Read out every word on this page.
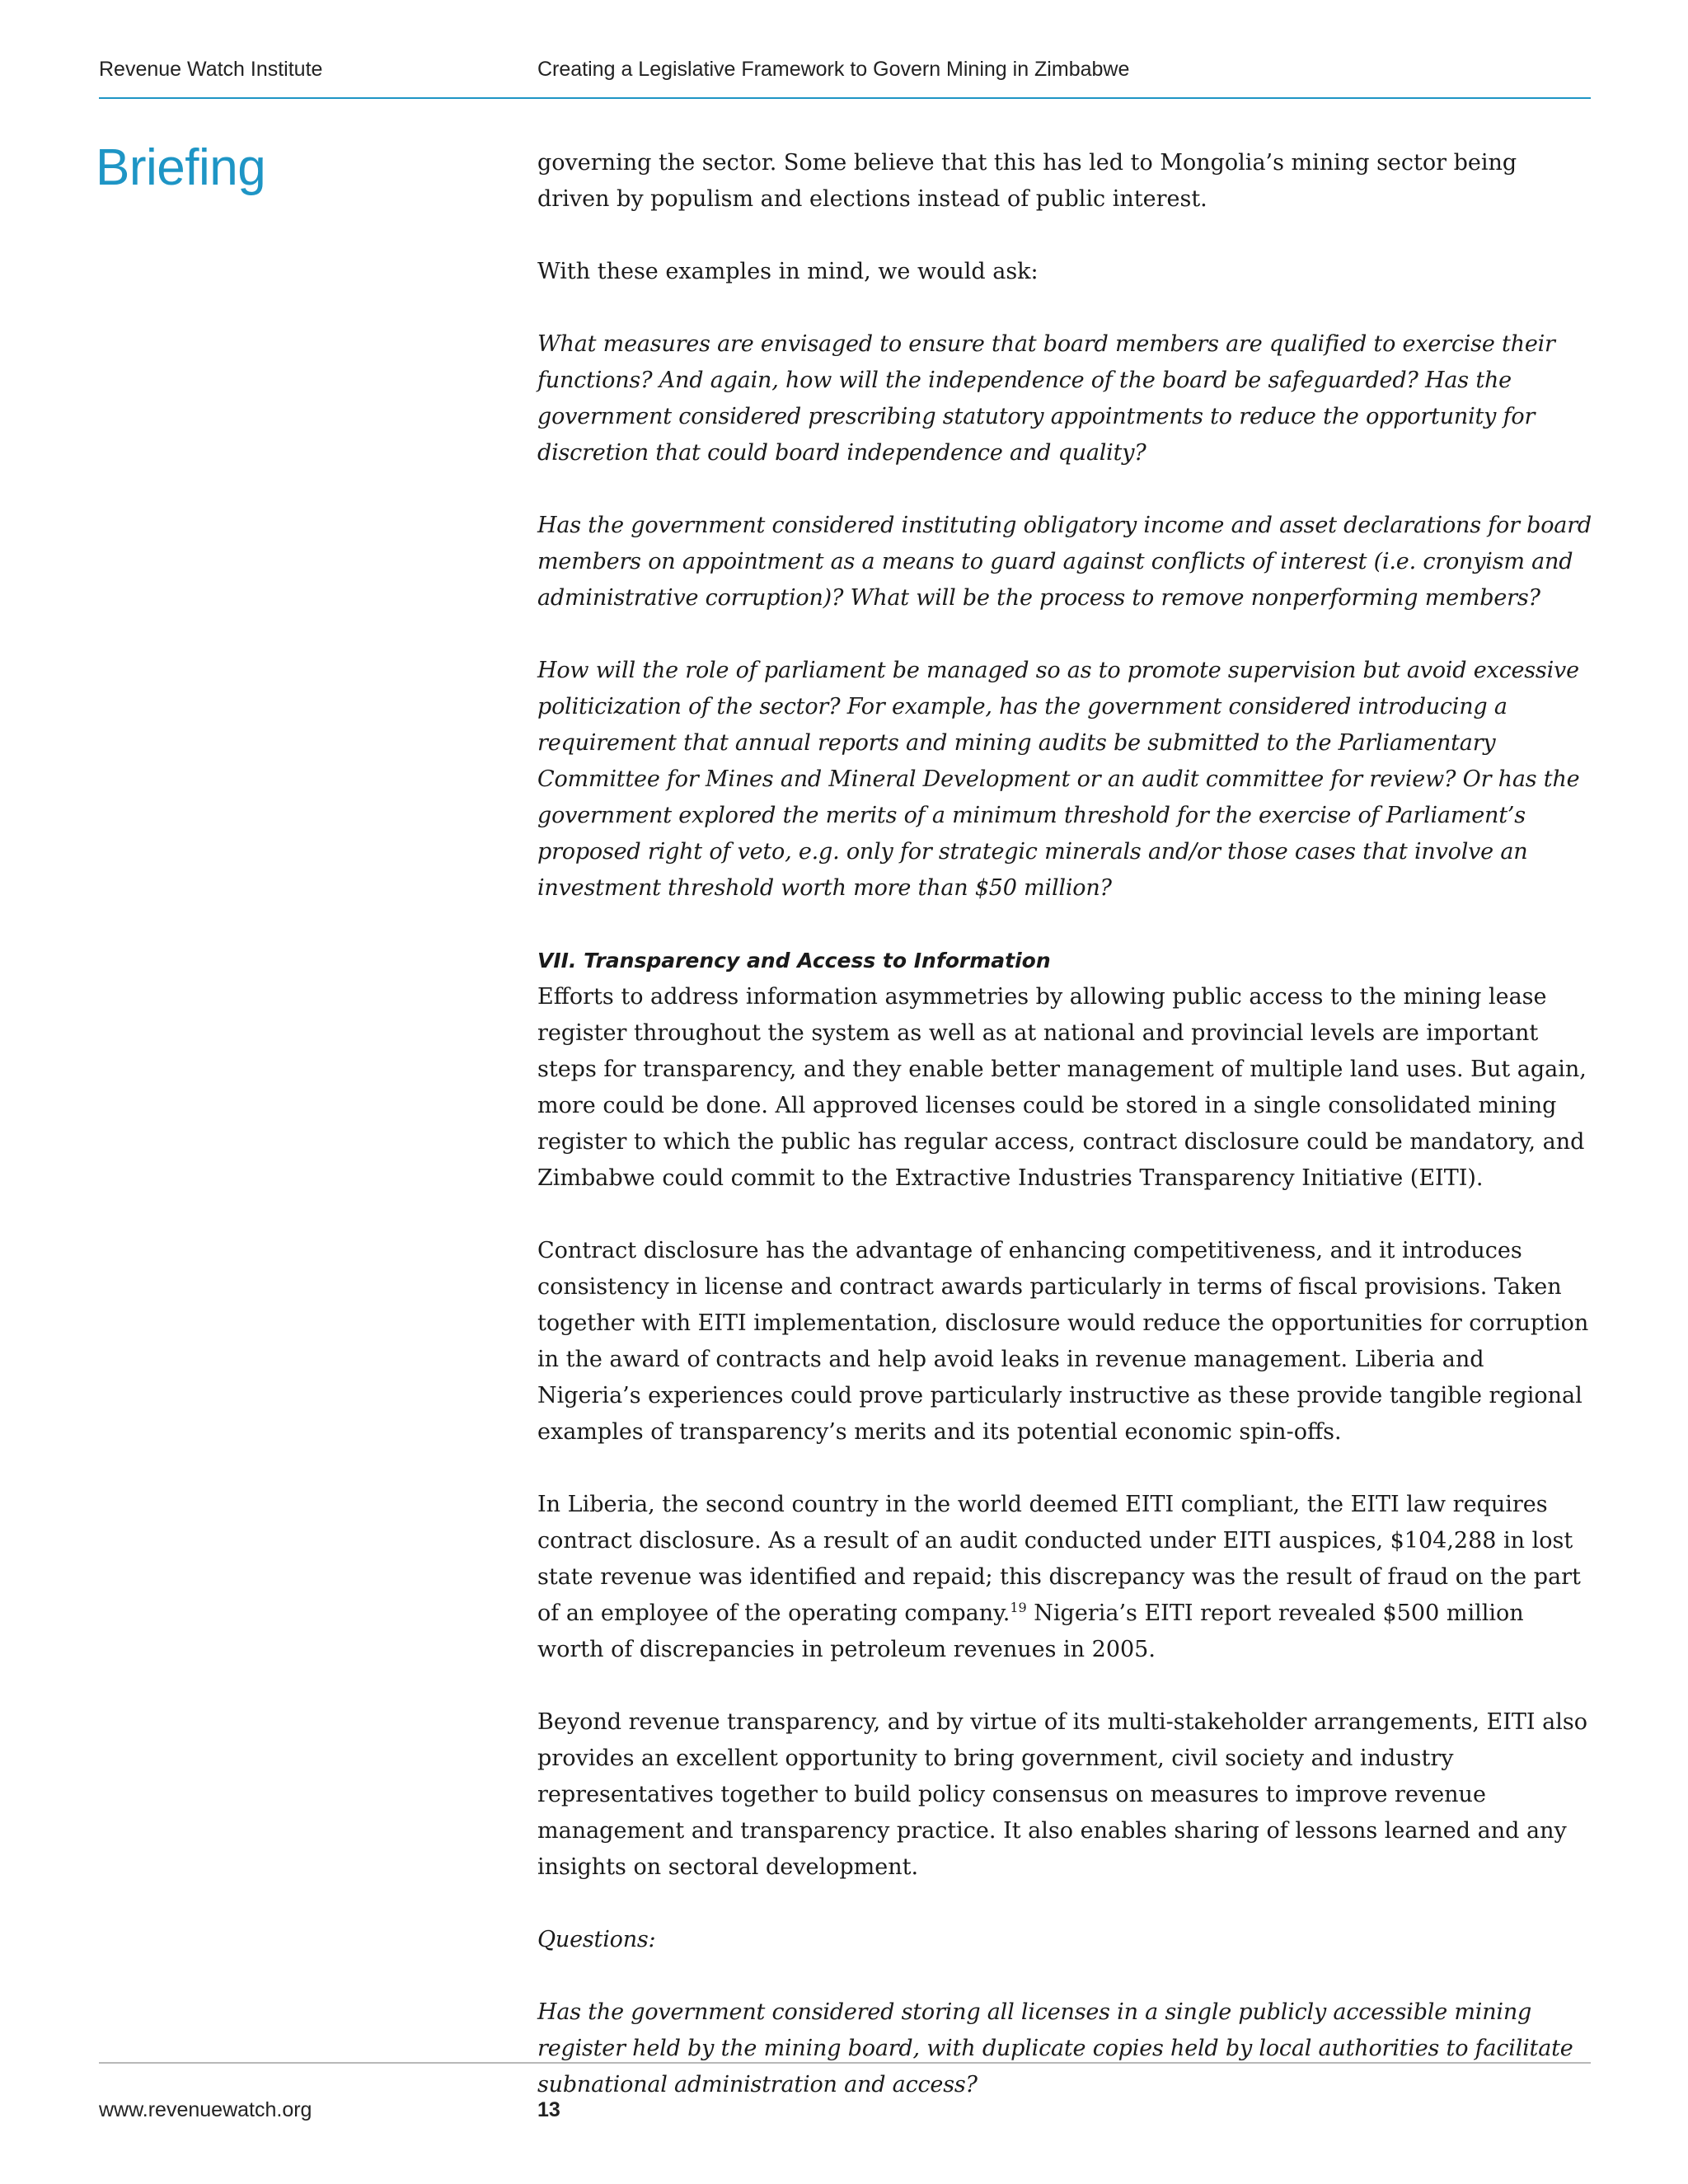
Revenue Watch Institute	Creating a Legislative Framework to Govern Mining in Zimbabwe
Briefing	governing the sector. Some believe that this has led to Mongolia’s mining sector being driven by populism and elections instead of public interest.

With these examples in mind, we would ask:

What measures are envisaged to ensure that board members are qualified to exercise their functions? And again, how will the independence of the board be safeguarded? Has the government considered prescribing statutory appointments to reduce the opportunity for discretion that could board independence and quality?

Has the government considered instituting obligatory income and asset declarations for board members on appointment as a means to guard against conflicts of interest (i.e. cronyism and administrative corruption)? What will be the process to remove nonperforming members?

How will the role of parliament be managed so as to promote supervision but avoid excessive politicization of the sector? For example, has the government considered introducing a requirement that annual reports and mining audits be submitted to the Parliamentary Committee for Mines and Mineral Development or an audit committee for review? Or has the government explored the merits of a minimum threshold for the exercise of Parliament’s proposed right of veto, e.g. only for strategic minerals and/or those cases that involve an investment threshold worth more than $50 million?

VII. Transparency and Access to Information

Efforts to address information asymmetries by allowing public access to the mining lease register throughout the system as well as at national and provincial levels are important steps for transparency, and they enable better management of multiple land uses. But again, more could be done. All approved licenses could be stored in a single consolidated mining register to which the public has regular access, contract disclosure could be mandatory, and Zimbabwe could commit to the Extractive Industries Transparency Initiative (EITI).

Contract disclosure has the advantage of enhancing competitiveness, and it introduces consistency in license and contract awards particularly in terms of fiscal provisions. Taken together with EITI implementation, disclosure would reduce the opportunities for corruption in the award of contracts and help avoid leaks in revenue management. Liberia and Nigeria’s experiences could prove particularly instructive as these provide tangible regional examples of transparency’s merits and its potential economic spin-offs.

In Liberia, the second country in the world deemed EITI compliant, the EITI law requires contract disclosure. As a result of an audit conducted under EITI auspices, $104,288 in lost state revenue was identified and repaid; this discrepancy was the result of fraud on the part of an employee of the operating company.$^{19}$ Nigeria’s EITI report revealed $500 million worth of discrepancies in petroleum revenues in 2005.

Beyond revenue transparency, and by virtue of its multi-stakeholder arrangements, EITI also provides an excellent opportunity to bring government, civil society and industry representatives together to build policy consensus on measures to improve revenue management and transparency practice. It also enables sharing of lessons learned and any insights on sectoral development.

Questions:

Has the government considered storing all licenses in a single publicly accessible mining register held by the mining board, with duplicate copies held by local authorities to facilitate subnational administration and access?

www.revenuewatch.org	13
